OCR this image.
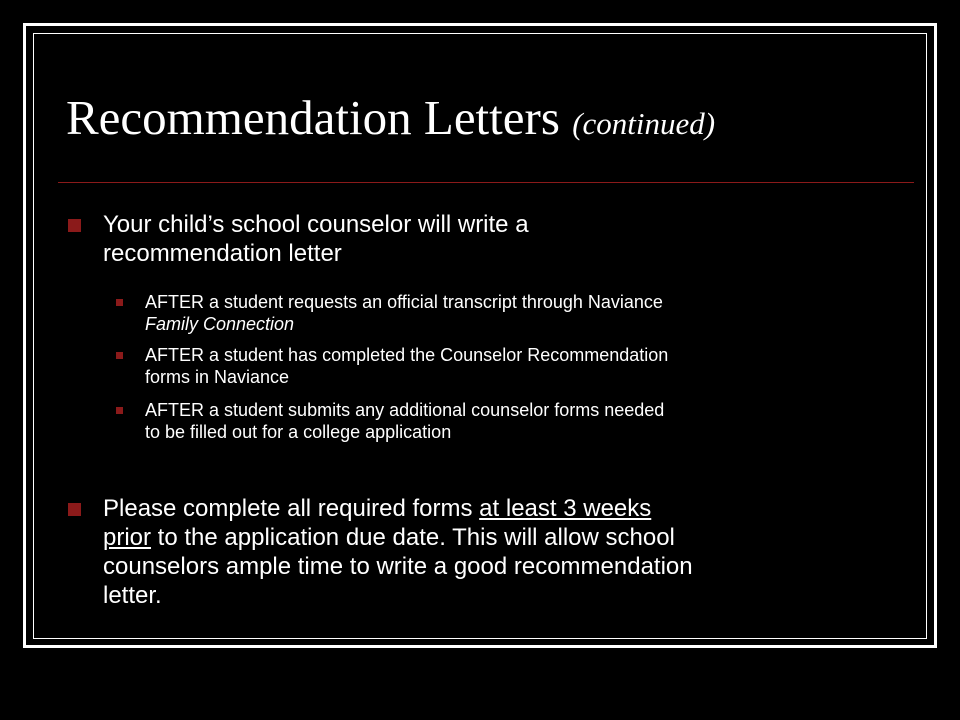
Recommendation Letters (continued)
Your child’s school counselor will write a
recommendation letter
AFTER a student requests an official transcript through Naviance
Family Connection
AFTER a student has completed the Counselor Recommendation
forms in Naviance
AFTER a student submits any additional counselor forms needed
to be filled out for a college application
Please complete all required forms at least 3 weeks
prior to the application due date. This will allow school
counselors ample time to write a good recommendation
letter.
